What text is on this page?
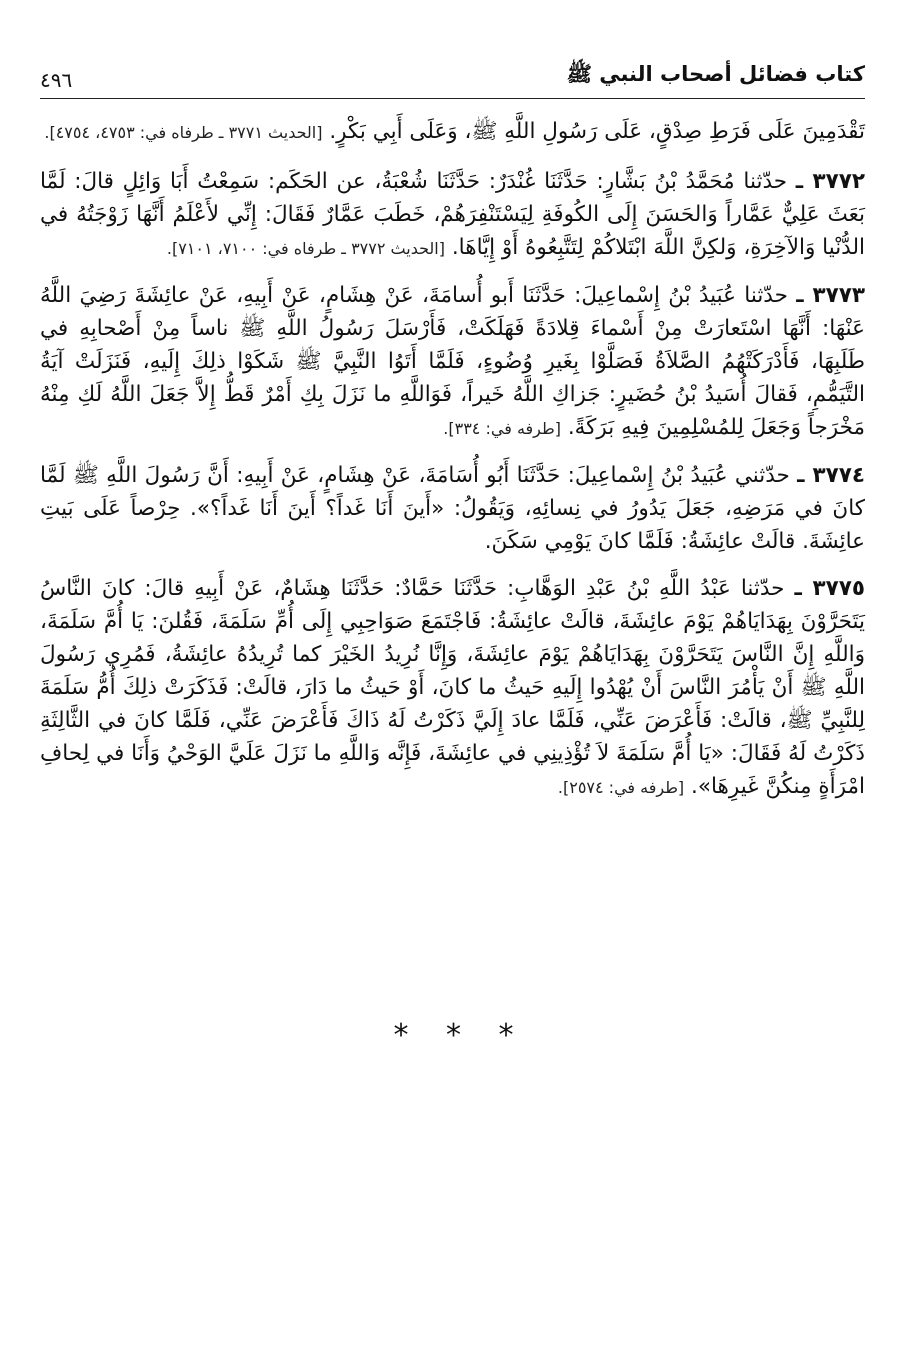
كتاب فضائل أصحاب النبي ﷺ
٤٩٦

تَقْدَمِينَ عَلَى فَرَطِ صِدْقٍ، عَلَى رَسُولِ اللَّهِ ﷺ، وَعَلَى أَبِي بَكْرٍ. [الحديث ٣٧٧١ ـ طرفاه في: ٤٧٥٣، ٤٧٥٤].

٣٧٧٢ ـ حدّثنا مُحَمَّدُ بْنُ بَشَّارٍ: حَدَّثَنَا غُنْدَرٌ: حَدَّثَنَا شُعْبَةُ، عن الحَكَم: سَمِعْتُ أَبَا وَائِلٍ قالَ: لَمَّا بَعَثَ عَلِيٌّ عَمَّاراً وَالحَسَنَ إِلَى الكُوفَةِ لِيَسْتَنْفِرَهُمْ، خَطَبَ عَمَّارٌ فَقَالَ: إِنِّي لأَعْلَمُ أَنَّهَا زَوْجَتُهُ في الدُّنْيا وَالآخِرَةِ، وَلكِنَّ اللَّهَ ابْتَلاكُمْ لِتَتَّبِعُوهُ أَوْ إِيَّاهَا. [الحديث ٣٧٧٢ ـ طرفاه في: ٧١٠٠، ٧١٠١].

٣٧٧٣ ـ حدّثنا عُبَيدُ بْنُ إِسْماعِيلَ: حَدَّثَنَا أَبو أُسامَةَ، عَنْ هِشَامٍ، عَنْ أَبِيهِ، عَنْ عائِشَةَ رَضِيَ اللَّهُ عَنْهَا: أَنَّهَا اسْتَعارَتْ مِنْ أَسْماءَ قِلادَةً فَهَلَكَتْ، فَأَرْسَلَ رَسُولُ اللَّهِ ﷺ ناساً مِنْ أَصْحابِهِ في طَلَبِهَا، فَأَدْرَكَتْهُمُ الصَّلاَةُ فَصَلَّوْا بِغَيرِ وُضُوءٍ، فَلَمَّا أَتَوُا النَّبِيَّ ﷺ شَكَوْا ذلِكَ إِلَيهِ، فَنَزَلَتْ آيَةُ التَّيَمُّمِ، فَقالَ أُسَيدُ بْنُ حُضَيرٍ: جَزاكِ اللَّهُ خَيراً، فَوَاللَّهِ ما نَزَلَ بِكِ أَمْرٌ قَطُّ إِلاَّ جَعَلَ اللَّهُ لَكِ مِنْهُ مَخْرَجاً وَجَعَلَ لِلمُسْلِمِينَ فِيهِ بَرَكَةً. [طرفه في: ٣٣٤].

٣٧٧٤ ـ حدّثني عُبَيدُ بْنُ إِسْماعِيلَ: حَدَّثَنَا أَبُو أُسَامَةَ، عَنْ هِشَامٍ، عَنْ أَبِيهِ: أَنَّ رَسُولَ اللَّهِ ﷺ لَمَّا كانَ في مَرَضِهِ، جَعَلَ يَدُورُ في نِسائِهِ، وَيَقُولُ: «أَينَ أَنَا غَداً؟ أَينَ أَنَا غَداً؟». حِرْصاً عَلَى بَيتِ عائِشَةَ. قالَتْ عائِشَةُ: فَلَمَّا كانَ يَوْمِي سَكَنَ.

٣٧٧٥ ـ حدّثنا عَبْدُ اللَّهِ بْنُ عَبْدِ الوَهَّابِ: حَدَّثَنَا حَمَّادٌ: حَدَّثَنَا هِشَامٌ، عَنْ أَبِيهِ قالَ: كانَ النَّاسُ يَتَحَرَّوْنَ بِهَدَايَاهُمْ يَوْمَ عائِشَةَ، قالَتْ عائِشَةُ: فَاجْتَمَعَ صَوَاحِبِي إِلَى أُمِّ سَلَمَةَ، فَقُلنَ: يَا أُمَّ سَلَمَةَ، وَاللَّهِ إِنَّ النَّاسَ يَتَحَرَّوْنَ بِهَدَايَاهُمْ يَوْمَ عائِشَةَ، وَإِنَّا نُرِيدُ الخَيْرَ كما تُرِيدُهُ عائِشَةُ، فَمُرِي رَسُولَ اللَّهِ ﷺ أَنْ يَأْمُرَ النَّاسَ أَنْ يُهْدُوا إِلَيهِ حَيثُ ما كانَ، أَوْ حَيثُ ما دَارَ، قالَتْ: فَذَكَرَتْ ذلِكَ أُمُّ سَلَمَةَ لِلنَّبِيِّ ﷺ، قالَتْ: فَأَعْرَضَ عَنِّي، فَلَمَّا عادَ إِلَيَّ ذَكَرْتُ لَهُ ذَاكَ فَأَعْرَضَ عَنِّي، فَلَمَّا كانَ في الثَّالِثَةِ ذَكَرْتُ لَهُ فَقَالَ: «يَا أُمَّ سَلَمَةَ لاَ تُؤْذِينِي في عائِشَةَ، فَإِنَّه وَاللَّهِ ما نَزَلَ عَلَيَّ الوَحْيُ وَأَنَا في لِحافِ امْرَأَةٍ مِنكُنَّ غَيرِهَا». [طرفه في: ٢٥٧٤].

* * *
